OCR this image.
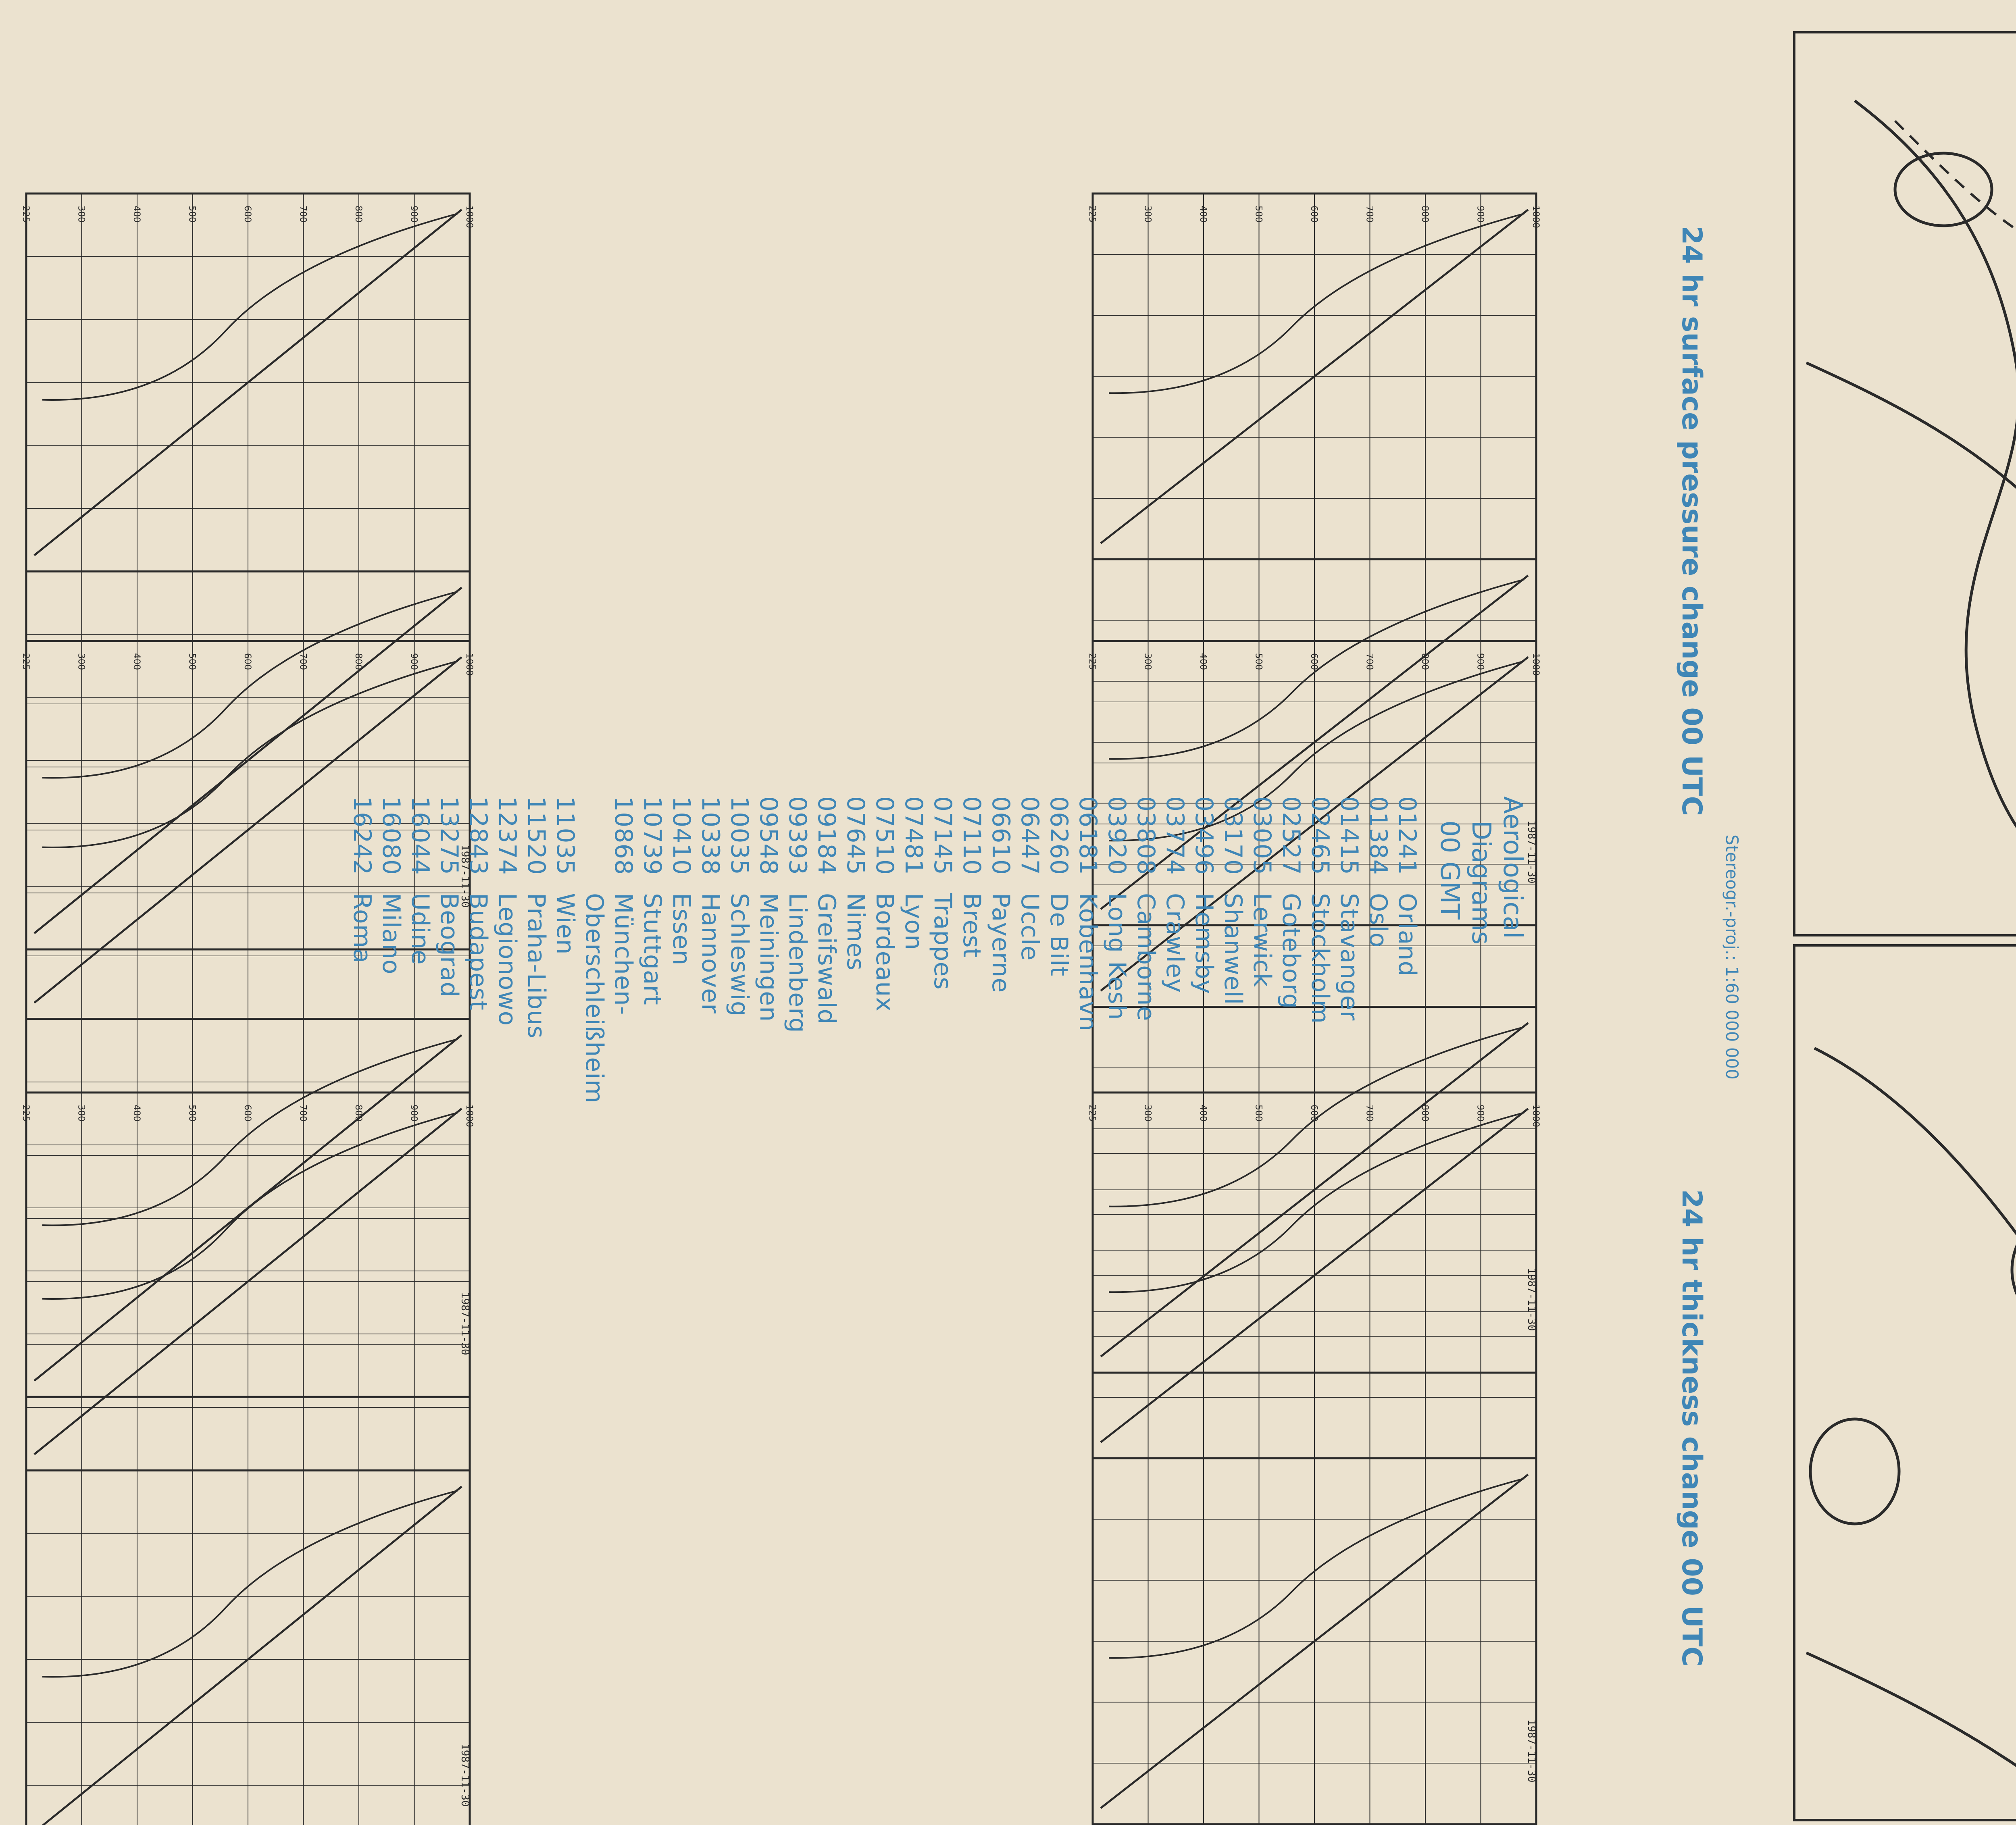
24 hr surface pressure change 00 UTC
Stereogr.-proj.: 1:60 000 000
24 hr thickness change 00 UTC
1000
900
800
700
600
500
400
300
225
1987-11-30
1000
900
800
700
600
500
400
300
225
1987-11-30
1000
900
800
700
600
500
400
300
225
1987-11-30
1000
900
800
700
600
500
400
300
225
1987-11-30
1000
900
800
700
600
500
400
300
225
1987-11-30
1000
900
800
700
600
500
400
300
225
1987-11-30
Aerological
Diagrams
00 GMT
01241Orland
01384Oslo
01415Stavanger
02465Stockholm
02527Goteborg
03005Lerwick
03170Shanwell
03496Hemsby
03774Crawley
03808Camborne
03920Long Kesh
06181Kobenhavn
06260De Bilt
06447Uccle
06610Payerne
07110Brest
07145Trappes
07481Lyon
07510Bordeaux
07645Nimes
09184Greifswald
09393Lindenberg
09548Meiningen
10035Schleswig
10338Hannover
10410Essen
10739Stuttgart
10868München-
Oberschleißheim
11035Wien
11520Praha-Libus
12374Legionowo
12843Budapest
13275Beograd
16044Udine
16080Milano
16242Roma
